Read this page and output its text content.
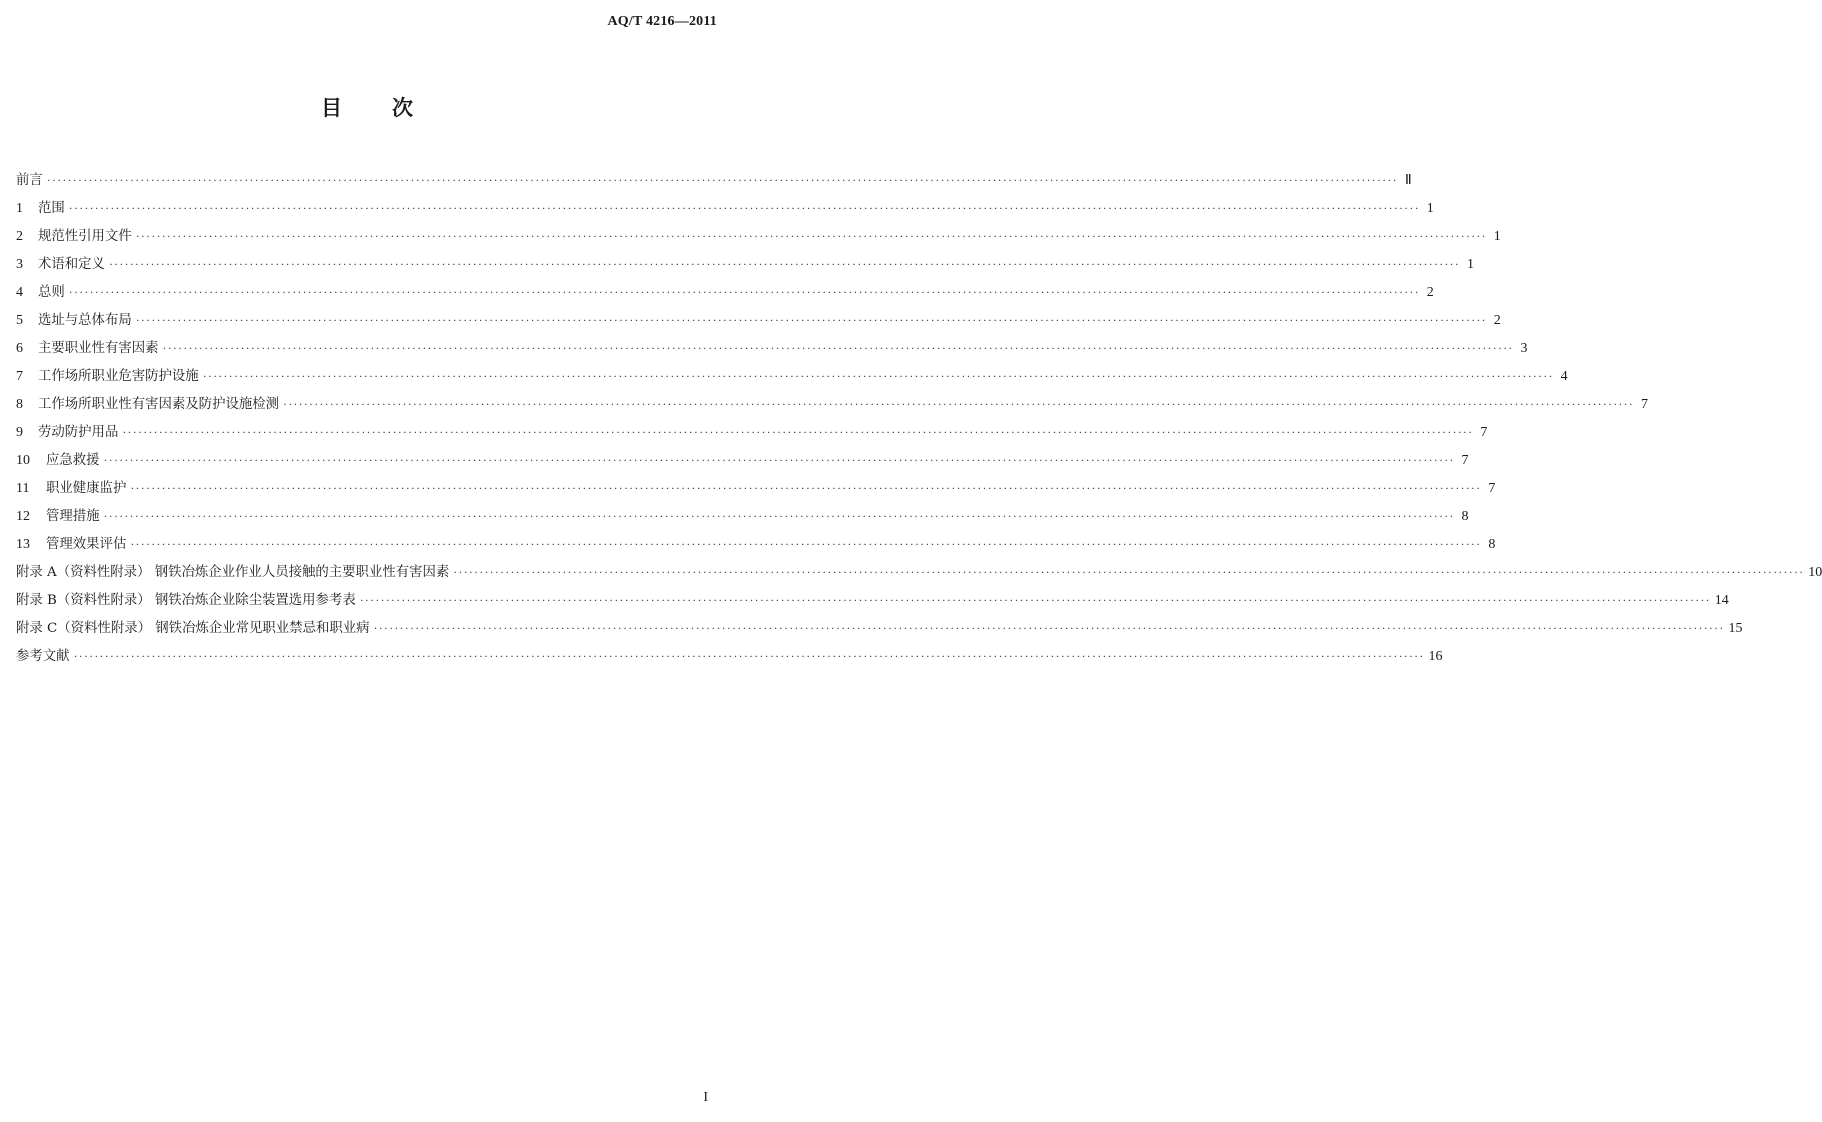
AQ/T 4216—2011
目 次
前言 ···································································································································································································································································· Ⅱ
1	范围 ···································································································································································································································································· 1
2	规范性引用文件 ···································································································································································································································································· 1
3	术语和定义 ···································································································································································································································································· 1
4	总则 ···································································································································································································································································· 2
5	选址与总体布局 ···································································································································································································································································· 2
6	主要职业性有害因素 ···································································································································································································································································· 3
7	工作场所职业危害防护设施 ···································································································································································································································································· 4
8	工作场所职业性有害因素及防护设施检测 ···································································································································································································································································· 7
9	劳动防护用品 ···································································································································································································································································· 7
10	应急救援 ···································································································································································································································································· 7
11	职业健康监护 ···································································································································································································································································· 7
12	管理措施 ···································································································································································································································································· 8
13	管理效果评估 ···································································································································································································································································· 8
附录 A（资料性附录） 钢铁冶炼企业作业人员接触的主要职业性有害因素 ···································································································································································································································································· 10
附录 B（资料性附录） 钢铁冶炼企业除尘装置选用参考表 ···································································································································································································································································· 14
附录 C（资料性附录） 钢铁冶炼企业常见职业禁忌和职业病 ···································································································································································································································································· 15
参考文献 ···································································································································································································································································· 16
I
